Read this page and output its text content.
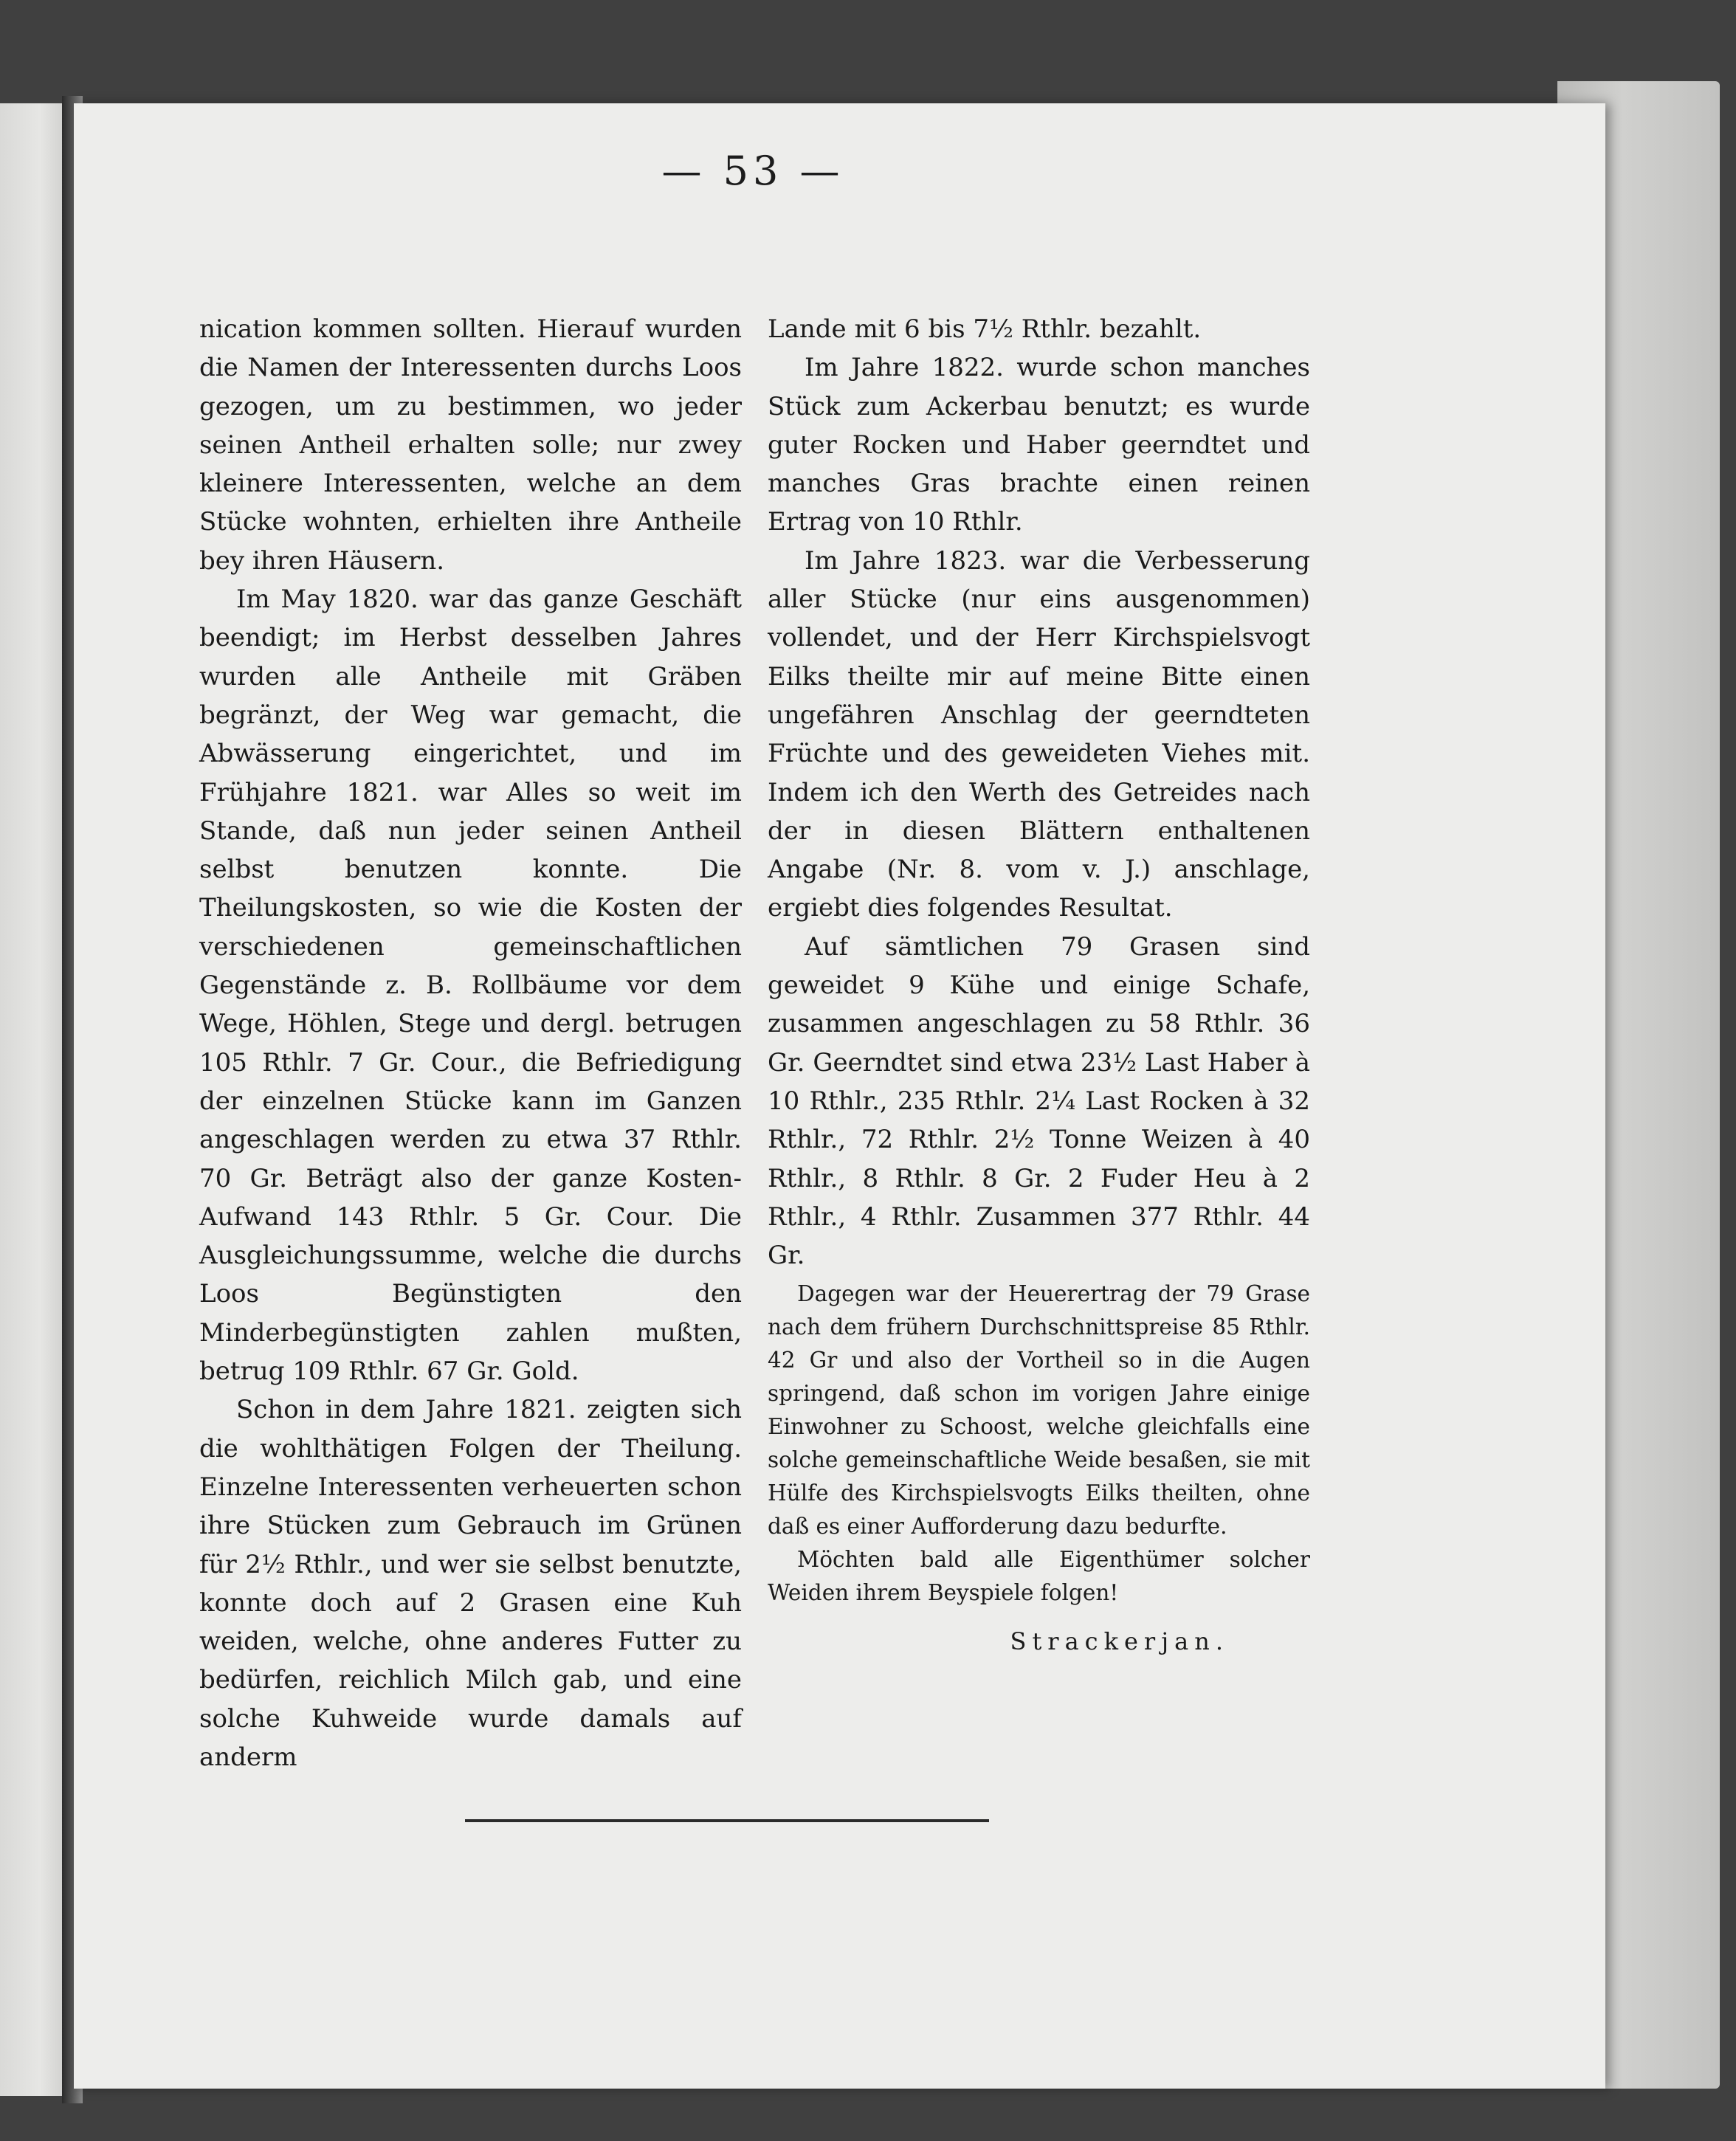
— 53 —

nication kommen sollten. Hierauf wurden die Namen der Interessenten durchs Loos gezogen, um zu bestimmen, wo jeder seinen Antheil erhalten solle; nur zwey kleinere Interessenten, welche an dem Stücke wohnten, erhielten ihre Antheile bey ihren Häusern.

Im May 1820. war das ganze Geschäft beendigt; im Herbst desselben Jahres wurden alle Antheile mit Gräben begränzt, der Weg war gemacht, die Abwässerung eingerichtet, und im Frühjahre 1821. war Alles so weit im Stande, daß nun jeder seinen Antheil selbst benutzen konnte. Die Theilungskosten, so wie die Kosten der verschiedenen gemeinschaftlichen Gegenstände z. B. Rollbäume vor dem Wege, Höhlen, Stege und dergl. betrugen 105 Rthlr. 7 Gr. Cour., die Befriedigung der einzelnen Stücke kann im Ganzen angeschlagen werden zu etwa 37 Rthlr. 70 Gr. Beträgt also der ganze Kosten-Aufwand 143 Rthlr. 5 Gr. Cour. Die Ausgleichungssumme, welche die durchs Loos Begünstigten den Minderbegünstigten zahlen mußten, betrug 109 Rthlr. 67 Gr. Gold.

Schon in dem Jahre 1821. zeigten sich die wohlthätigen Folgen der Theilung. Einzelne Interessenten verheuerten schon ihre Stücken zum Gebrauch im Grünen für 2½ Rthlr., und wer sie selbst benutzte, konnte doch auf 2 Grasen eine Kuh weiden, welche, ohne anderes Futter zu bedürfen, reichlich Milch gab, und eine solche Kuhweide wurde damals auf anderm

Lande mit 6 bis 7½ Rthlr. bezahlt.

Im Jahre 1822. wurde schon manches Stück zum Ackerbau benutzt; es wurde guter Rocken und Haber geerndtet und manches Gras brachte einen reinen Ertrag von 10 Rthlr.

Im Jahre 1823. war die Verbesserung aller Stücke (nur eins ausgenommen) vollendet, und der Herr Kirchspielsvogt Eilks theilte mir auf meine Bitte einen ungefähren Anschlag der geerndteten Früchte und des geweideten Viehes mit. Indem ich den Werth des Getreides nach der in diesen Blättern enthaltenen Angabe (Nr. 8. vom v. J.) anschlage, ergiebt dies folgendes Resultat.

Auf sämtlichen 79 Grasen sind geweidet 9 Kühe und einige Schafe, zusammen angeschlagen zu 58 Rthlr. 36 Gr. Geerndtet sind etwa 23½ Last Haber à 10 Rthlr., 235 Rthlr. 2¼ Last Rocken à 32 Rthlr., 72 Rthlr. 2½ Tonne Weizen à 40 Rthlr., 8 Rthlr. 8 Gr. 2 Fuder Heu à 2 Rthlr., 4 Rthlr. Zusammen 377 Rthlr. 44 Gr.

Dagegen war der Heuerertrag der 79 Grase nach dem frühern Durchschnittspreise 85 Rthlr. 42 Gr und also der Vortheil so in die Augen springend, daß schon im vorigen Jahre einige Einwohner zu Schoost, welche gleichfalls eine solche gemeinschaftliche Weide besaßen, sie mit Hülfe des Kirchspielsvogts Eilks theilten, ohne daß es einer Aufforderung dazu bedurfte.

Möchten bald alle Eigenthümer solcher Weiden ihrem Beyspiele folgen!

Strackerjan.
